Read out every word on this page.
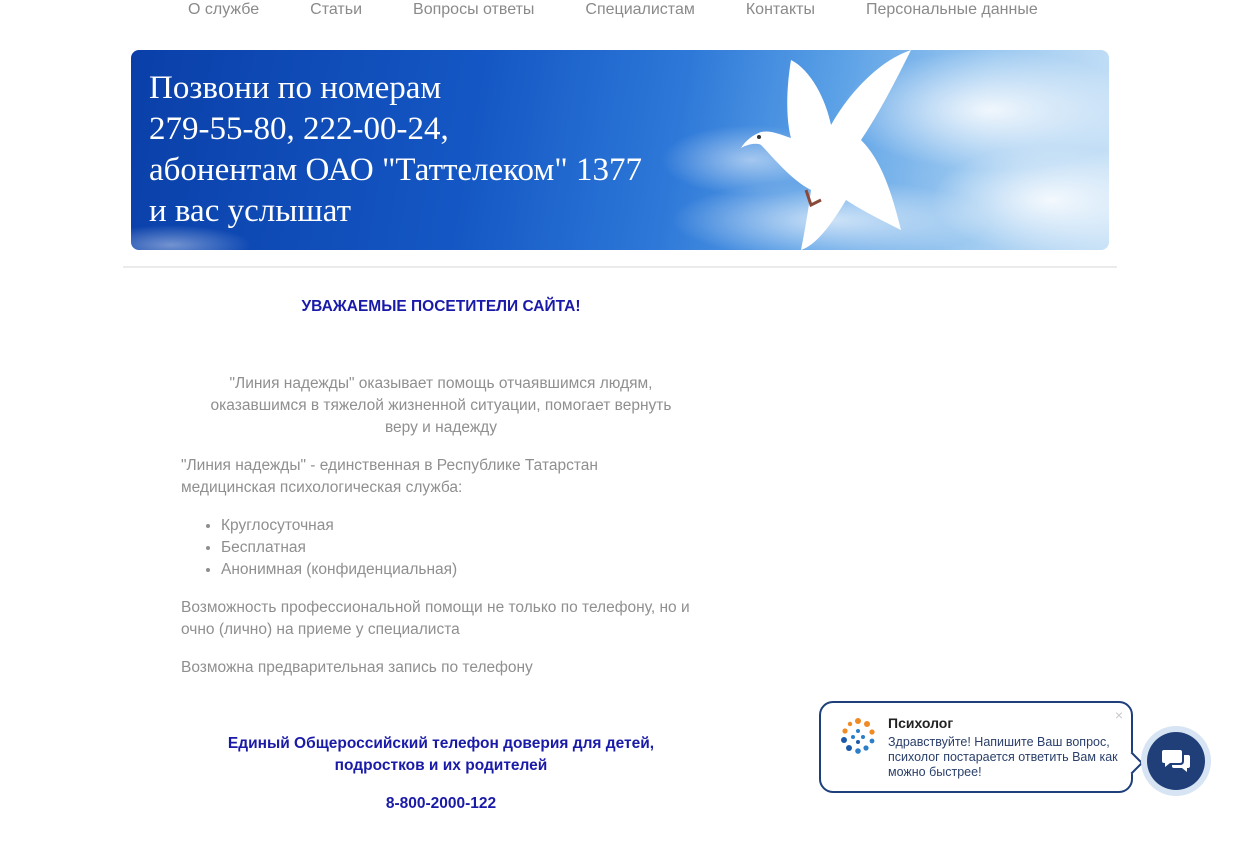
О службе	Статьи	Вопросы ответы	Специалистам	Контакты	Персональные данные
Позвони по номерам
279-55-80, 222-00-24,
абонентам ОАО "Таттелеком" 1377
и вас услышат
УВАЖАЕМЫЕ ПОСЕТИТЕЛИ САЙТА!

"Линия надежды" оказывает помощь отчаявшимся людям, оказавшимся в тяжелой жизненной ситуации, помогает вернуть веру и надежду

"Линия надежды" - единственная в Республике Татарстан медицинская психологическая служба:

• Круглосуточная
• Бесплатная
• Анонимная (конфиденциальная)

Возможность профессиональной помощи не только по телефону, но и очно (лично) на приеме у специалиста

Возможна предварительная запись по телефону

Единый Общероссийский телефон доверия для детей, подростков и их родителей
8-800-2000-122
×
Психолог
Здравствуйте! Напишите Ваш вопрос, психолог постарается ответить Вам как можно быстрее!
